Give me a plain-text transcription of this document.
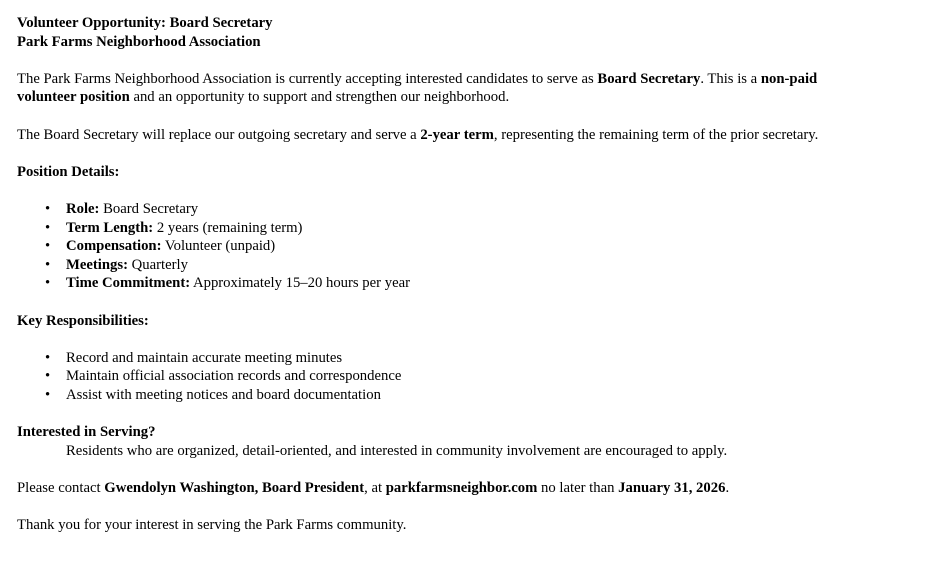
Volunteer Opportunity: Board Secretary
Park Farms Neighborhood Association

The Park Farms Neighborhood Association is currently accepting interested candidates to serve as Board Secretary. This is a non-paid volunteer position and an opportunity to support and strengthen our neighborhood.

The Board Secretary will replace our outgoing secretary and serve a 2-year term, representing the remaining term of the prior secretary.

Position Details:

• Role: Board Secretary
• Term Length: 2 years (remaining term)
• Compensation: Volunteer (unpaid)
• Meetings: Quarterly
• Time Commitment: Approximately 15–20 hours per year

Key Responsibilities:

• Record and maintain accurate meeting minutes
• Maintain official association records and correspondence
• Assist with meeting notices and board documentation
Interested in Serving?
Residents who are organized, detail-oriented, and interested in community involvement are encouraged to apply.

Please contact Gwendolyn Washington, Board President, at parkfarmsneighbor.com no later than January 31, 2026.

Thank you for your interest in serving the Park Farms community.
